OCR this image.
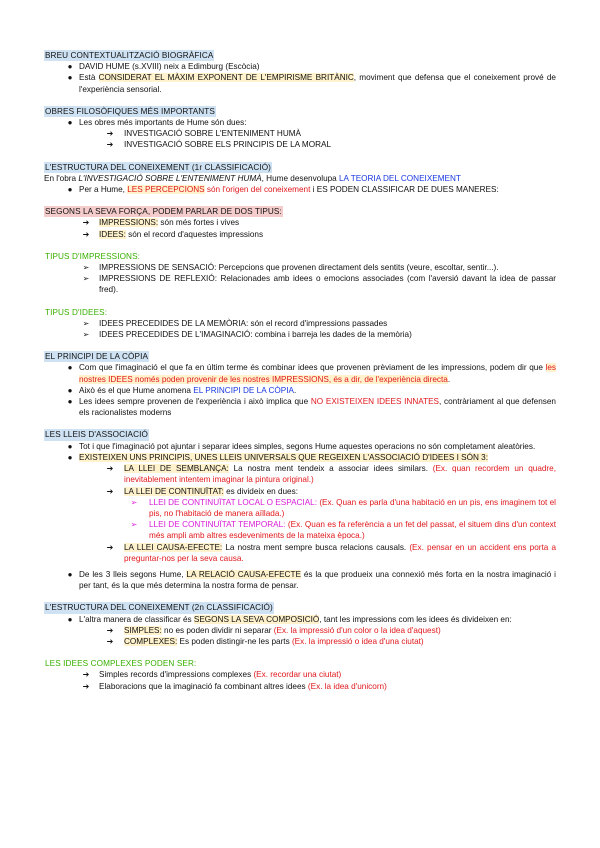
BREU CONTEXTUALITZACIÓ BIOGRÀFICA
● DAVID HUME (s.XVIII) neix a Edimburg (Escòcia)
● Està CONSIDERAT EL MÀXIM EXPONENT DE L'EMPIRISME BRITÀNIC, moviment que defensa que el coneixement prové de l'experiència sensorial.
OBRES FILOSÒFIQUES MÉS IMPORTANTS
● Les obres més importants de Hume són dues:
➔	INVESTIGACIÓ SOBRE L'ENTENIMENT HUMÀ
➔	INVESTIGACIÓ SOBRE ELS PRINCIPIS DE LA MORAL
L'ESTRUCTURA DEL CONEIXEMENT (1r CLASSIFICACIÓ)
En l'obra L'INVESTIGACIÓ SOBRE L'ENTENIMENT HUMÀ, Hume desenvolupa LA TEORIA DEL CONEIXEMENT
● Per a Hume, LES PERCEPCIONS són l'origen del coneixement i ES PODEN CLASSIFICAR DE DUES MANERES:
SEGONS LA SEVA FORÇA, PODEM PARLAR DE DOS TIPUS:
➔	IMPRESSIONS: són més fortes i vives
➔	IDEES: són el record d'aquestes impressions
TIPUS D'IMPRESSIONS:
➢	IMPRESSIONS DE SENSACIÓ: Percepcions que provenen directament dels sentits (veure, escoltar, sentir...).
➢	IMPRESSIONS DE REFLEXIÓ: Relacionades amb idees o emocions associades (com l'aversió davant la idea de passar fred).
TIPUS D'IDEES:
➢	IDEES PRECEDIDES DE LA MEMÒRIA: són el record d'impressions passades
➢	IDEES PRECEDIDES DE L'IMAGINACIÓ: combina i barreja les dades de la memòria)
EL PRINCIPI DE LA CÒPIA
● Com que l'imaginació el que fa en últim terme és combinar idees que provenen prèviament de les impressions, podem dir que les nostres IDEES només poden provenir de les nostres IMPRESSIONS, és a dir, de l'experiència directa.
● Això és el que Hume anomena EL PRINCIPI DE LA CÒPIA.
● Les idees sempre provenen de l'experiència i això implica que NO EXISTEIXEN IDEES INNATES, contràriament al que defensen els racionalistes moderns
LES LLEIS D'ASSOCIACIÓ
● Tot i que l'imaginació pot ajuntar i separar idees simples, segons Hume aquestes operacions no són completament aleatòries.
● EXISTEIXEN UNS PRINCIPIS, UNES LLEIS UNIVERSALS QUE REGEIXEN L'ASSOCIACIÓ D'IDEES I SÓN 3:
➔	LA LLEI DE SEMBLANÇA: La nostra ment tendeix a associar idees similars. (Ex. quan recordem un quadre, inevitablement intentem imaginar la pintura original.)
➔	LA LLEI DE CONTINUÏTAT: es divideix en dues:
➢	LLEI DE CONTINUÏTAT LOCAL O ESPACIAL: (Ex. Quan es parla d'una habitació en un pis, ens imaginem tot el pis, no l'habitació de manera aïllada.)
➢	LLEI DE CONTINUÏTAT TEMPORAL: (Ex. Quan es fa referència a un fet del passat, el situem dins d'un context més ampli amb altres esdeveniments de la mateixa època.)
➔	LA LLEI CAUSA-EFECTE: La nostra ment sempre busca relacions causals. (Ex. pensar en un accident ens porta a preguntar-nos per la seva causa.
● De les 3 lleis segons Hume, LA RELACIÓ CAUSA-EFECTE és la que produeix una connexió més forta en la nostra imaginació i per tant, és la que més determina la nostra forma de pensar.
L'ESTRUCTURA DEL CONEIXEMENT (2n CLASSIFICACIÓ)
● L'altra manera de classificar és SEGONS LA SEVA COMPOSICIÓ, tant les impressions com les idees és divideixen en:
➔	SIMPLES: no es poden dividir ni separar (Ex. la impressió d'un color o la idea d'aquest)
➔	COMPLEXES: Es poden distingir-ne les parts (Ex. la impressió o idea d'una ciutat)
LES IDEES COMPLEXES PODEN SER:
➔	Simples records d'impressions complexes (Ex. recordar una ciutat)
➔	Elaboracions que la imaginació fa combinant altres idees (Ex. la idea d'unicorn)
